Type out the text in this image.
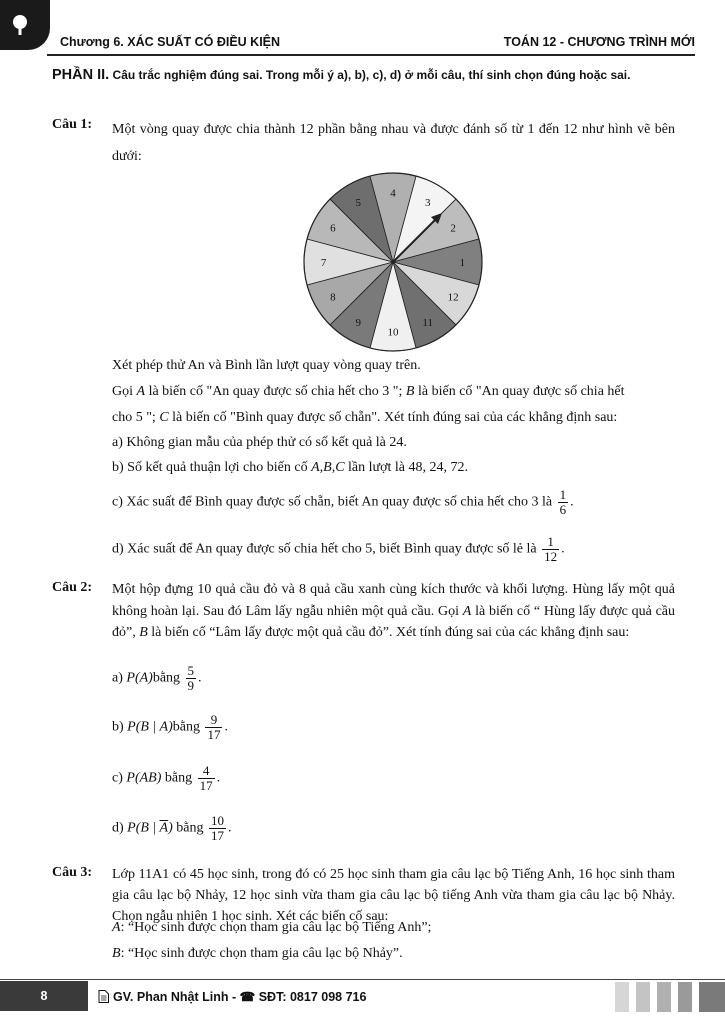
Chương 6. XÁC SUẤT CÓ ĐIỀU KIỆN	TOÁN 12 - CHƯƠNG TRÌNH MỚI
PHẦN II. Câu trắc nghiệm đúng sai. Trong mỗi ý a), b), c), d) ở mỗi câu, thí sinh chọn đúng hoặc sai.
Câu 1: Một vòng quay được chia thành 12 phần bằng nhau và được đánh số từ 1 đến 12 như hình vẽ bên dưới:
3
2
1
12
11
10
9
8
7
6
5
4
Xét phép thử An và Bình lần lượt quay vòng quay trên.
Gọi A là biến cố "An quay được số chia hết cho 3 "; B là biến cố "An quay được số chia hết
cho 5 "; C là biến cố "Bình quay được số chẵn". Xét tính đúng sai của các khẳng định sau:
a) Không gian mẫu của phép thử có số kết quả là 24.
b) Số kết quả thuận lợi cho biến cố A,B,C lần lượt là 48, 24, 72.
c) Xác suất để Bình quay được số chẵn, biết An quay được số chia hết cho 3 là $\frac{1}{6}$ .
d) Xác suất để An quay được số chia hết cho 5, biết Bình quay được số lẻ là $\frac{1}{12}$ .
Câu 2: Một hộp đựng 10 quả cầu đỏ và 8 quả cầu xanh cùng kích thước và khối lượng. Hùng lấy một quả không hoàn lại. Sau đó Lâm lấy ngẫu nhiên một quả cầu. Gọi A là biến cố “ Hùng lấy được quả cầu đỏ”, B là biến cố “Lâm lấy được một quả cầu đỏ”. Xét tính đúng sai của các khẳng định sau:
a) P(A)bằng $\frac{5}{9}$ .
b) P(B | A)bằng $\frac{9}{17}$ .
c) P(AB) bằng $\frac{4}{17}$ .
d) P(B | $\overline{A}$) bằng $\frac{10}{17}$ .
Câu 3: Lớp 11A1 có 45 học sinh, trong đó có 25 học sinh tham gia câu lạc bộ Tiếng Anh, 16 học sinh tham gia câu lạc bộ Nhảy, 12 học sinh vừa tham gia câu lạc bộ tiếng Anh vừa tham gia câu lạc bộ Nhảy. Chọn ngẫu nhiên 1 học sinh. Xét các biến cố sau:
A: “Học sinh được chọn tham gia câu lạc bộ Tiếng Anh”;
B: “Học sinh được chọn tham gia câu lạc bộ Nhảy”.
8	GV. Phan Nhật Linh - ☎ SĐT: 0817 098 716
